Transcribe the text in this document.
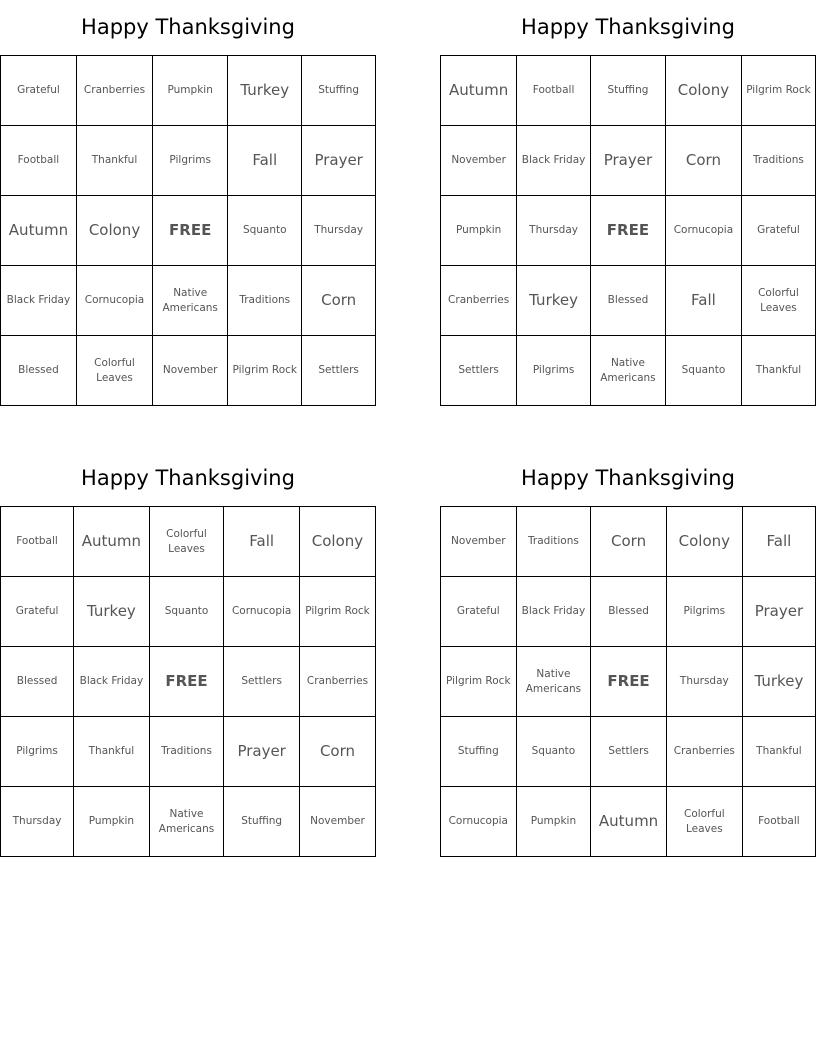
Happy Thanksgiving
Grateful	Cranberries	Pumpkin	Turkey	Stuffing
Football	Thankful	Pilgrims	Fall	Prayer
Autumn	Colony	FREE	Squanto	Thursday
Black Friday	Cornucopia	Native Americans	Traditions	Corn
Blessed	Colorful Leaves	November	Pilgrim Rock	Settlers
Happy Thanksgiving
Autumn	Football	Stuffing	Colony	Pilgrim Rock
November	Black Friday	Prayer	Corn	Traditions
Pumpkin	Thursday	FREE	Cornucopia	Grateful
Cranberries	Turkey	Blessed	Fall	Colorful Leaves
Settlers	Pilgrims	Native Americans	Squanto	Thankful
Happy Thanksgiving
Football	Autumn	Colorful Leaves	Fall	Colony
Grateful	Turkey	Squanto	Cornucopia	Pilgrim Rock
Blessed	Black Friday	FREE	Settlers	Cranberries
Pilgrims	Thankful	Traditions	Prayer	Corn
Thursday	Pumpkin	Native Americans	Stuffing	November
Happy Thanksgiving
November	Traditions	Corn	Colony	Fall
Grateful	Black Friday	Blessed	Pilgrims	Prayer
Pilgrim Rock	Native Americans	FREE	Thursday	Turkey
Stuffing	Squanto	Settlers	Cranberries	Thankful
Cornucopia	Pumpkin	Autumn	Colorful Leaves	Football
